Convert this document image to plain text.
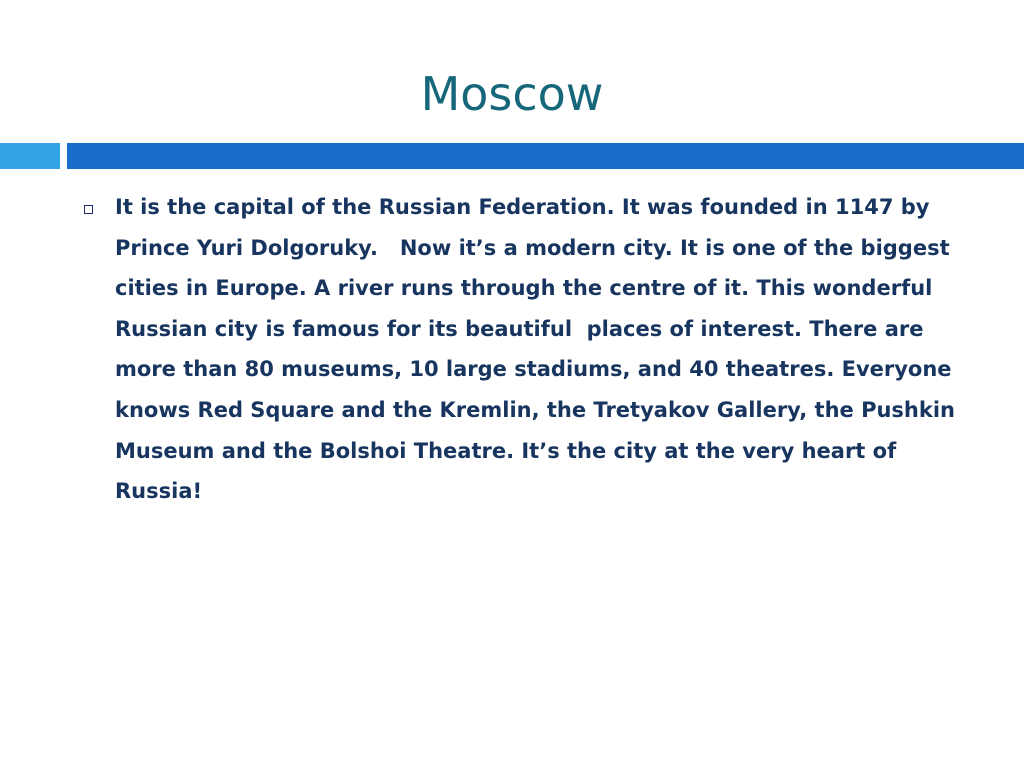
Moscow

It is the capital of the Russian Federation. It was founded in 1147 by Prince Yuri Dolgoruky.   Now it’s a modern city. It is one of the biggest cities in Europe. A river runs through the centre of it. This wonderful Russian city is famous for its beautiful  places of interest. There are more than 80 museums, 10 large stadiums, and 40 theatres. Everyone knows Red Square and the Kremlin, the Tretyakov Gallery, the Pushkin Museum and the Bolshoi Theatre. It’s the city at the very heart of Russia!
